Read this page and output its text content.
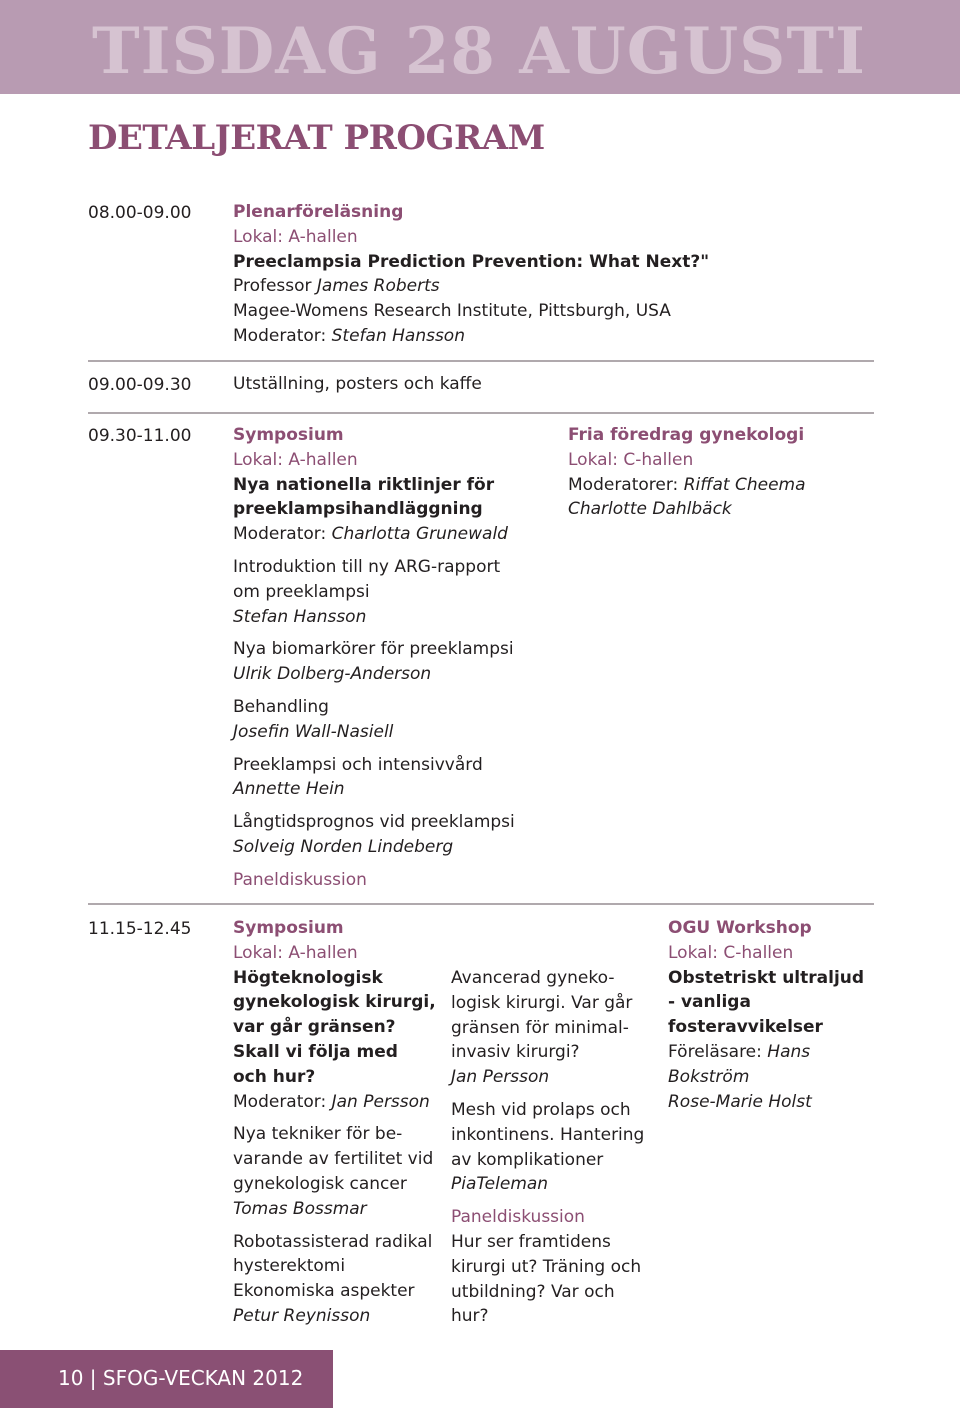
TISDAG 28 AUGUSTI
DETALJERAT PROGRAM
08.00-09.00 Plenarföreläsning
Lokal: A-hallen
Preeclampsia Prediction Prevention: What Next?"
Professor James Roberts
Magee-Womens Research Institute, Pittsburgh, USA
Moderator: Stefan Hansson
09.00-09.30 Utställning, posters och kaffe
09.30-11.00 Symposium
Lokal: A-hallen
Nya nationella riktlinjer för
preeklampsihandläggning
Moderator: Charlotta Grunewald
Introduktion till ny ARG-rapport
om preeklampsi
Stefan Hansson
Nya biomarkörer för preeklampsi
Ulrik Dolberg-Anderson
Behandling
Josefin Wall-Nasiell
Preeklampsi och intensivvård
Annette Hein
Långtidsprognos vid preeklampsi
Solveig Norden Lindeberg
Paneldiskussion
Fria föredrag gynekologi
Lokal: C-hallen
Moderatorer: Riffat Cheema
Charlotte Dahlbäck
11.15-12.45 Symposium
Lokal: A-hallen
Högteknologisk
gynekologisk kirurgi,
var går gränsen?
Skall vi följa med
och hur?
Moderator: Jan Persson
Nya tekniker för be-
varande av fertilitet vid
gynekologisk cancer
Tomas Bossmar
Robotassisterad radikal
hysterektomi
Ekonomiska aspekter
Petur Reynisson
Avancerad gyneko-
logisk kirurgi. Var går
gränsen för minimal-
invasiv kirurgi?
Jan Persson
Mesh vid prolaps och
inkontinens. Hantering
av komplikationer
PiaTeleman
Paneldiskussion
Hur ser framtidens
kirurgi ut? Träning och
utbildning? Var och
hur?
OGU Workshop
Lokal: C-hallen
Obstetriskt ultraljud
- vanliga
fosteravvikelser
Föreläsare: Hans
Bokström
Rose-Marie Holst
10 | SFOG-VECKAN 2012
